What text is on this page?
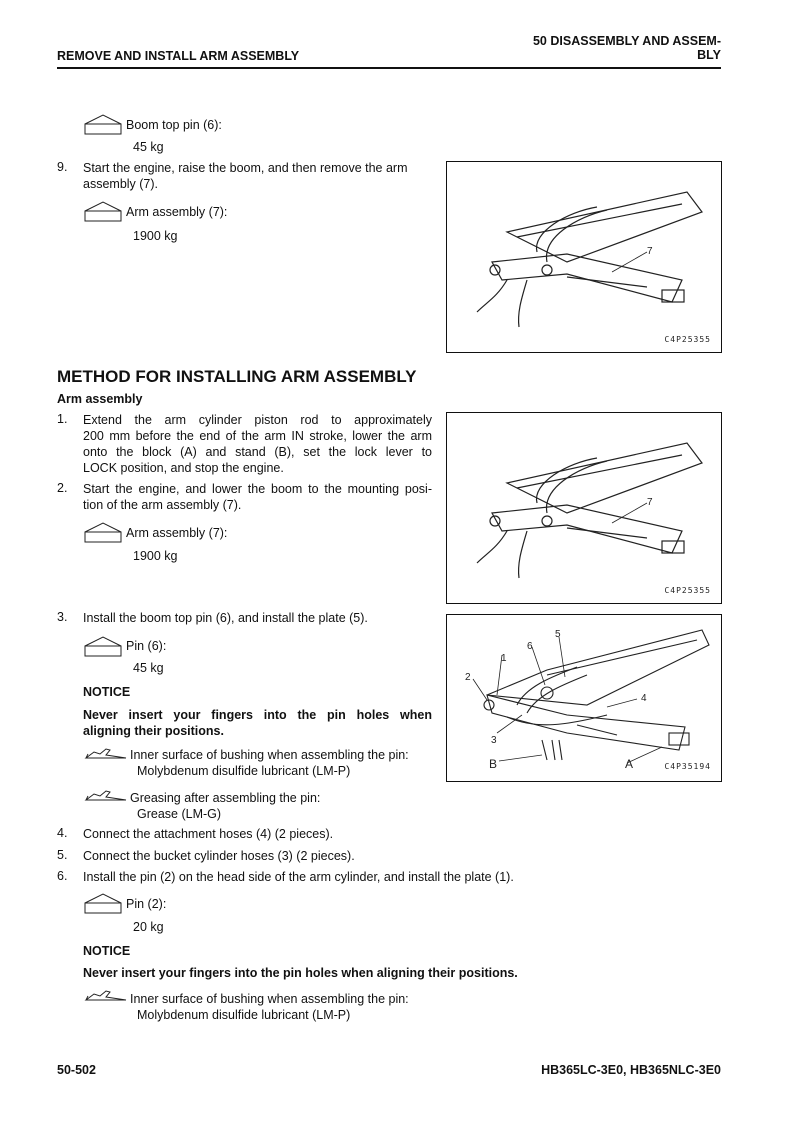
REMOVE AND INSTALL ARM ASSEMBLY
50 DISASSEMBLY AND ASSEM-
BLY
Boom top pin (6):
45 kg
9.	Start the engine, raise the boom, and then remove the arm
assembly (7).
Arm assembly (7):
1900 kg
7
C4P25355
METHOD FOR INSTALLING ARM ASSEMBLY
Arm assembly
1.	Extend the arm cylinder piston rod to approximately
200 mm before the end of the arm IN stroke, lower the arm
onto the block (A) and stand (B), set the lock lever to
LOCK position, and stop the engine.
2.	Start the engine, and lower the boom to the mounting posi-
tion of the arm assembly (7).
Arm assembly (7):
1900 kg
7
C4P25355
3.	Install the boom top pin (6), and install the plate (5).
Pin (6):
45 kg
NOTICE
Never insert your fingers into the pin holes when
aligning their positions.
Inner surface of bushing when assembling the pin:
Molybdenum disulfide lubricant (LM-P)
Greasing after assembling the pin:
Grease (LM-G)
1
2
3
4
5
6
A
B	C4P35194
4.	Connect the attachment hoses (4) (2 pieces).
5.	Connect the bucket cylinder hoses (3) (2 pieces).
6.	Install the pin (2) on the head side of the arm cylinder, and install the plate (1).
Pin (2):
20 kg
NOTICE
Never insert your fingers into the pin holes when aligning their positions.
Inner surface of bushing when assembling the pin:
Molybdenum disulfide lubricant (LM-P)
50-502	HB365LC-3E0, HB365NLC-3E0
